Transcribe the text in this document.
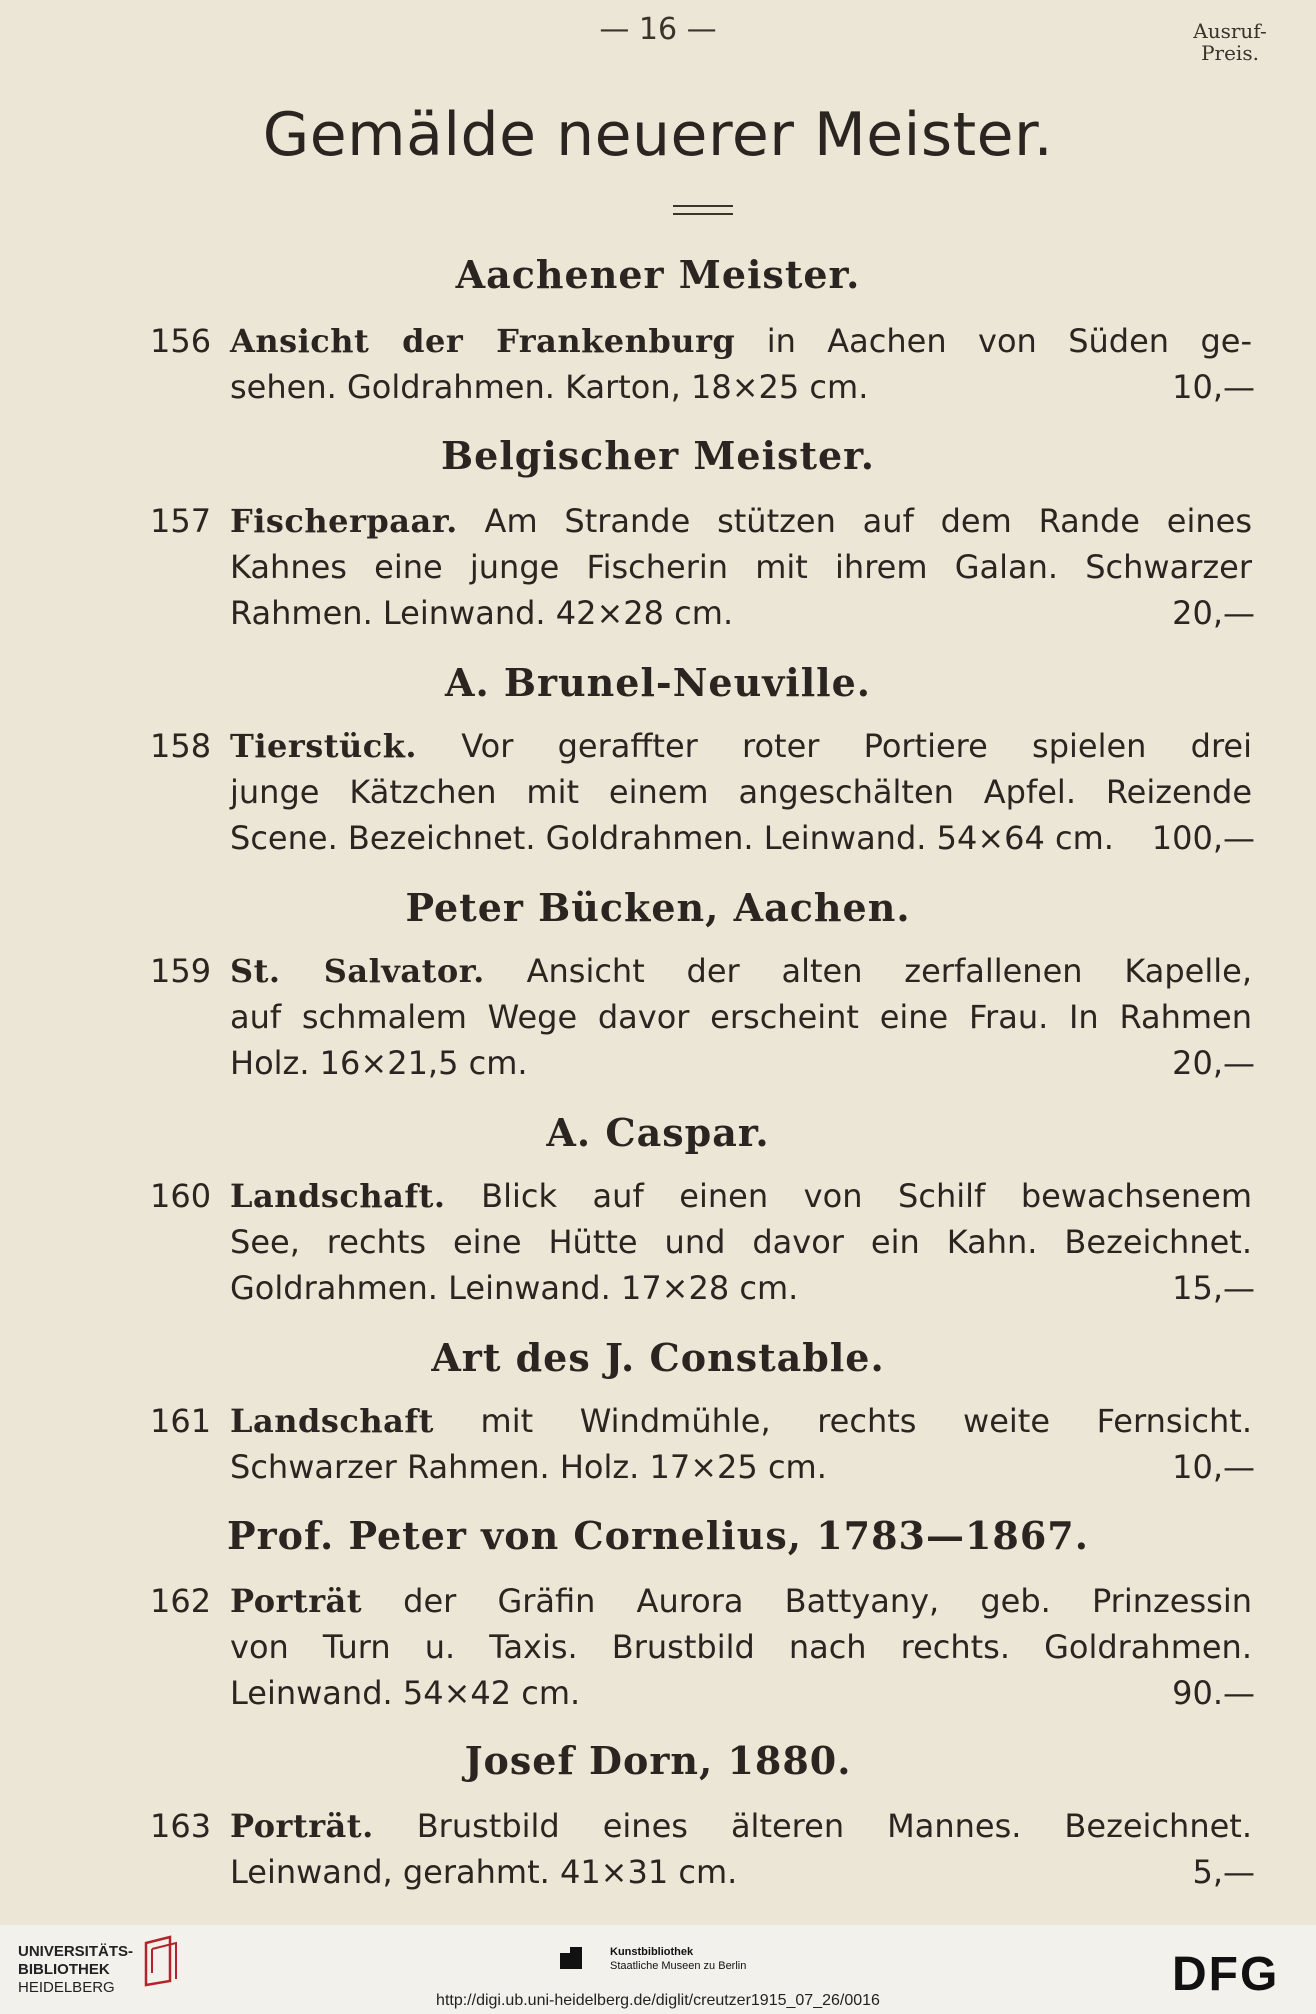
— 16 —	Ausruf-
Preis.
Gemälde neuerer Meister.
Aachener Meister.
156 Ansicht der Frankenburg in Aachen von Süden ge-
sehen. Goldrahmen. Karton, 18×25 cm.	10,—
Belgischer Meister.
157 Fischerpaar. Am Strande stützen auf dem Rande eines
Kahnes eine junge Fischerin mit ihrem Galan. Schwarzer
Rahmen. Leinwand. 42×28 cm.	20,—
A. Brunel-Neuville.
158 Tierstück. Vor geraffter roter Portiere spielen drei
junge Kätzchen mit einem angeschälten Apfel. Reizende
Scene. Bezeichnet. Goldrahmen. Leinwand. 54×64 cm. 100,—
Peter Bücken, Aachen.
159 St. Salvator. Ansicht der alten zerfallenen Kapelle,
auf schmalem Wege davor erscheint eine Frau. In Rahmen
Holz. 16×21,5 cm.	20,—
A. Caspar.
160 Landschaft. Blick auf einen von Schilf bewachsenem
See, rechts eine Hütte und davor ein Kahn. Bezeichnet.
Goldrahmen. Leinwand. 17×28 cm.	15,—
Art des J. Constable.
161 Landschaft mit Windmühle, rechts weite Fernsicht.
Schwarzer Rahmen. Holz. 17×25 cm.	10,—
Prof. Peter von Cornelius, 1783—1867.
162 Porträt der Gräfin Aurora Battyany, geb. Prinzessin
von Turn u. Taxis. Brustbild nach rechts. Goldrahmen.
Leinwand. 54×42 cm.	90.—
Josef Dorn, 1880.
163 Porträt. Brustbild eines älteren Mannes. Bezeichnet.
Leinwand, gerahmt. 41×31 cm.	5,—
UNIVERSITÄTS-
BIBLIOTHEK
HEIDELBERG
Kunstbibliothek
Staatliche Museen zu Berlin	DFG
http://digi.ub.uni-heidelberg.de/diglit/creutzer1915_07_26/0016
